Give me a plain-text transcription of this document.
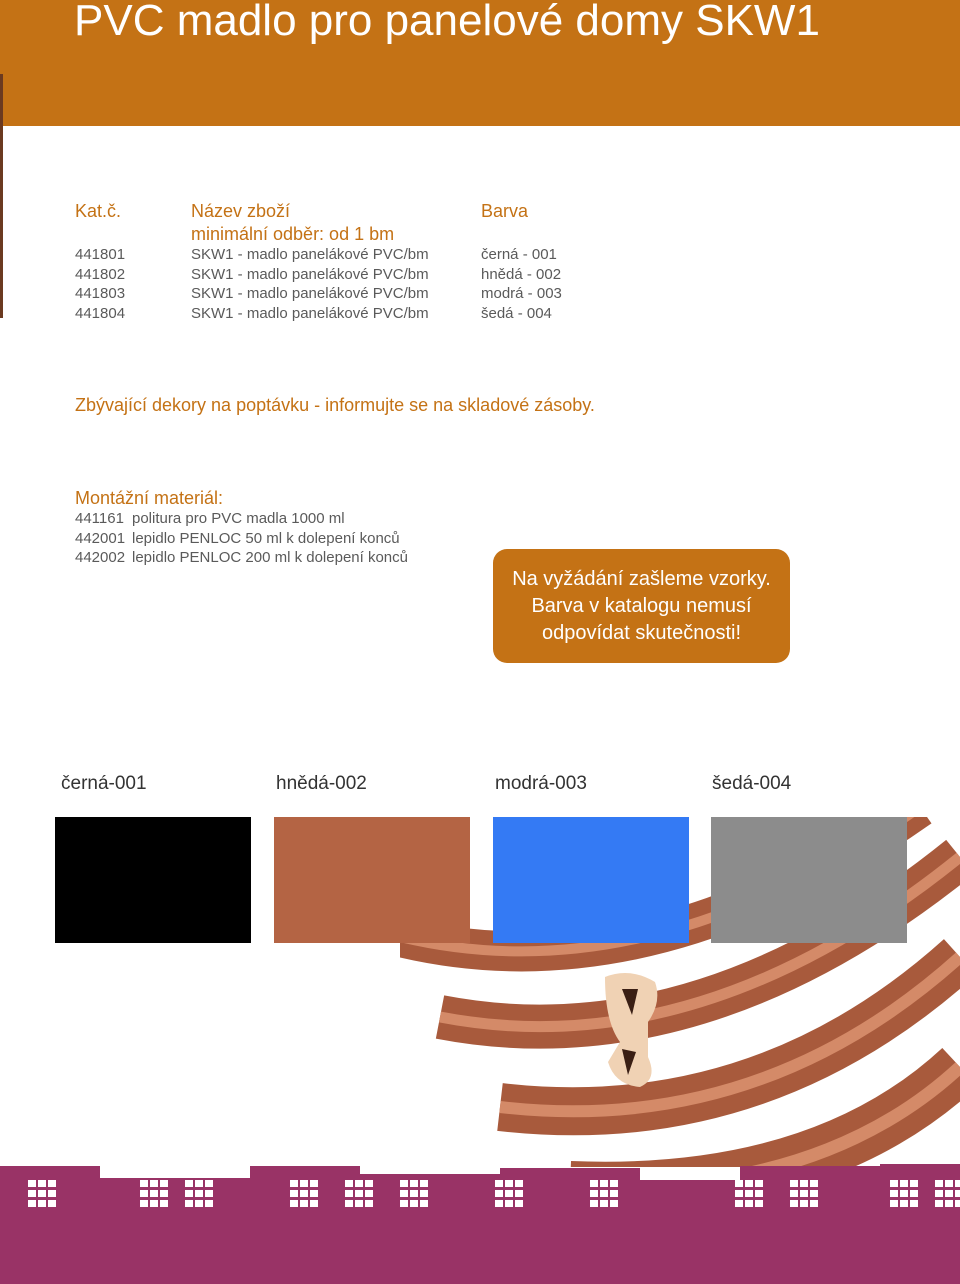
PVC madlo pro panelové domy SKW1
Kat.č.	Název zboží	Barva
minimální odběr: od 1 bm
441801	SKW1 - madlo panelákové PVC/bm	černá - 001
441802	SKW1 - madlo panelákové PVC/bm	hnědá - 002
441803	SKW1 - madlo panelákové PVC/bm	modrá - 003
441804	SKW1 - madlo panelákové PVC/bm	šedá - 004
Zbývající dekory na poptávku - informujte se na skladové zásoby.
Montážní materiál:
441161 politura pro PVC madla 1000 ml
442001 lepidlo PENLOC 50 ml k dolepení konců
442002 lepidlo PENLOC 200 ml k dolepení konců
Na vyžádání zašleme vzorky.
Barva v katalogu nemusí
odpovídat skutečnosti!
černá-001	hnědá-002	modrá-003	šedá-004
